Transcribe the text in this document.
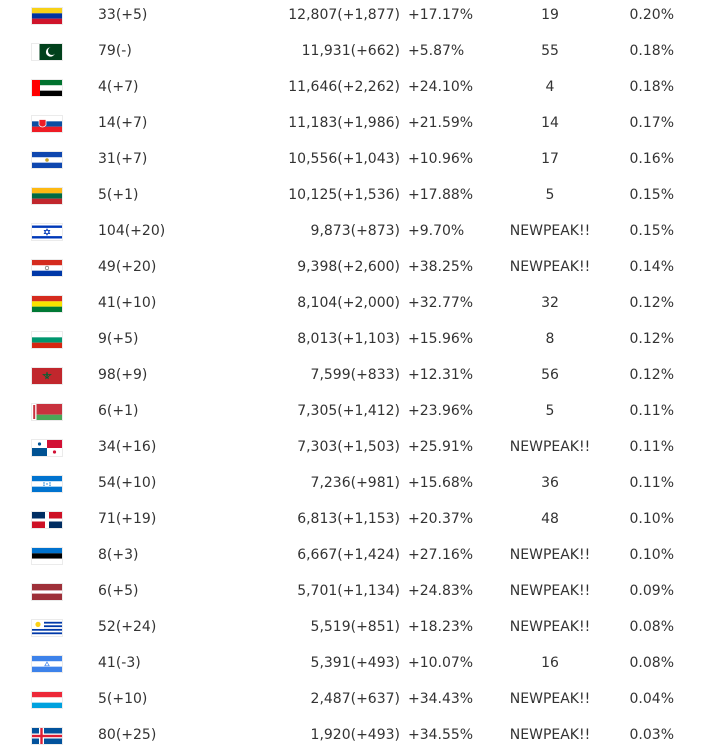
33(+5)	12,807(+1,877) +17.17%	19	0.20%
79(-)	11,931(+662) +5.87%	55	0.18%
4(+7)	11,646(+2,262) +24.10%	4	0.18%
14(+7)	11,183(+1,986) +21.59%	14	0.17%
31(+7)	10,556(+1,043) +10.96%	17	0.16%
5(+1)	10,125(+1,536) +17.88%	5	0.15%
104(+20)	9,873(+873) +9.70%	NEWPEAK!!	0.15%
49(+20)	9,398(+2,600) +38.25%	NEWPEAK!!	0.14%
41(+10)	8,104(+2,000) +32.77%	32	0.12%
9(+5)	8,013(+1,103) +15.96%	8	0.12%
98(+9)	7,599(+833) +12.31%	56	0.12%
6(+1)	7,305(+1,412) +23.96%	5	0.11%
34(+16)	7,303(+1,503) +25.91%	NEWPEAK!!	0.11%
54(+10)	7,236(+981) +15.68%	36	0.11%
71(+19)	6,813(+1,153) +20.37%	48	0.10%
8(+3)	6,667(+1,424) +27.16%	NEWPEAK!!	0.10%
6(+5)	5,701(+1,134) +24.83%	NEWPEAK!!	0.09%
52(+24)	5,519(+851) +18.23%	NEWPEAK!!	0.08%
41(-3)	5,391(+493) +10.07%	16	0.08%
5(+10)	2,487(+637) +34.43%	NEWPEAK!!	0.04%
80(+25)	1,920(+493) +34.55%	NEWPEAK!!	0.03%
